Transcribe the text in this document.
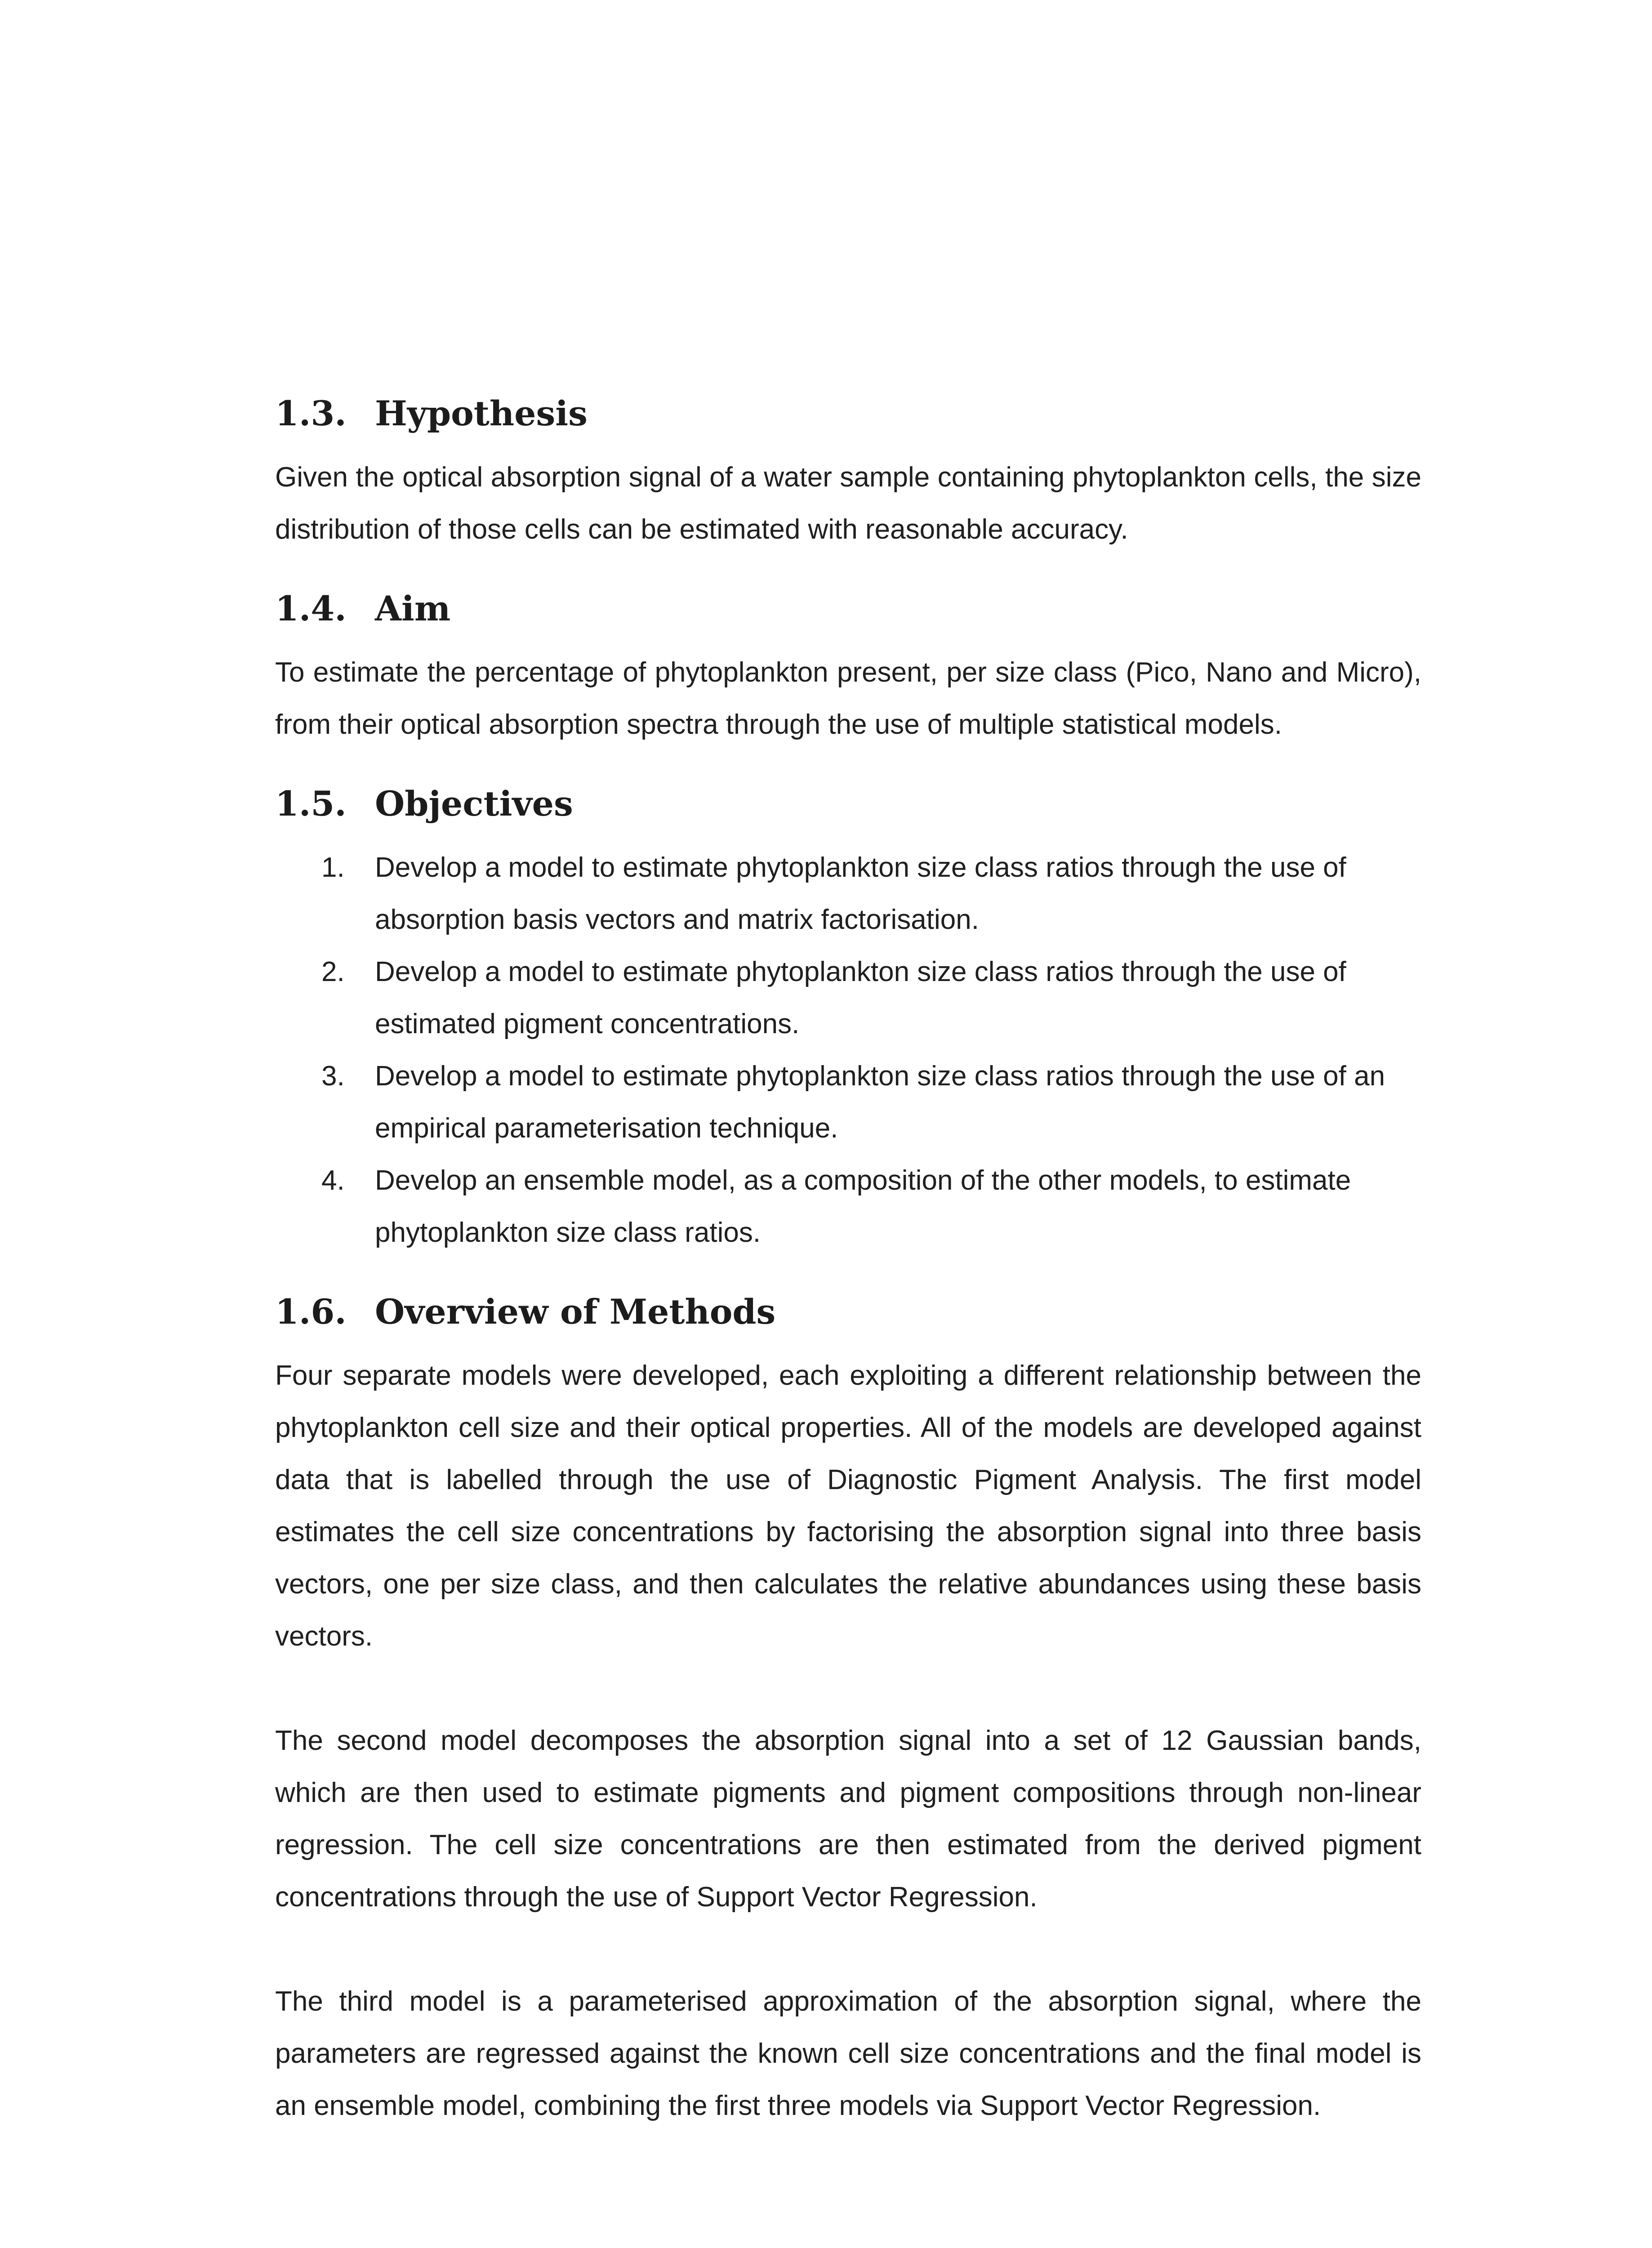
1.3. Hypothesis

Given the optical absorption signal of a water sample containing phytoplankton cells, the size distribution of those cells can be estimated with reasonable accuracy.

1.4. Aim

To estimate the percentage of phytoplankton present, per size class (Pico, Nano and Micro), from their optical absorption spectra through the use of multiple statistical models.

1.5. Objectives
1. Develop a model to estimate phytoplankton size class ratios through the use of absorption basis vectors and matrix factorisation.
2. Develop a model to estimate phytoplankton size class ratios through the use of estimated pigment concentrations.
3. Develop a model to estimate phytoplankton size class ratios through the use of an empirical parameterisation technique.
4. Develop an ensemble model, as a composition of the other models, to estimate phytoplankton size class ratios.
1.6. Overview of Methods

Four separate models were developed, each exploiting a different relationship between the phytoplankton cell size and their optical properties. All of the models are developed against data that is labelled through the use of Diagnostic Pigment Analysis. The first model estimates the cell size concentrations by factorising the absorption signal into three basis vectors, one per size class, and then calculates the relative abundances using these basis vectors.

The second model decomposes the absorption signal into a set of 12 Gaussian bands, which are then used to estimate pigments and pigment compositions through non-linear regression. The cell size concentrations are then estimated from the derived pigment concentrations through the use of Support Vector Regression.

The third model is a parameterised approximation of the absorption signal, where the parameters are regressed against the known cell size concentrations and the final model is an ensemble model, combining the first three models via Support Vector Regression.
